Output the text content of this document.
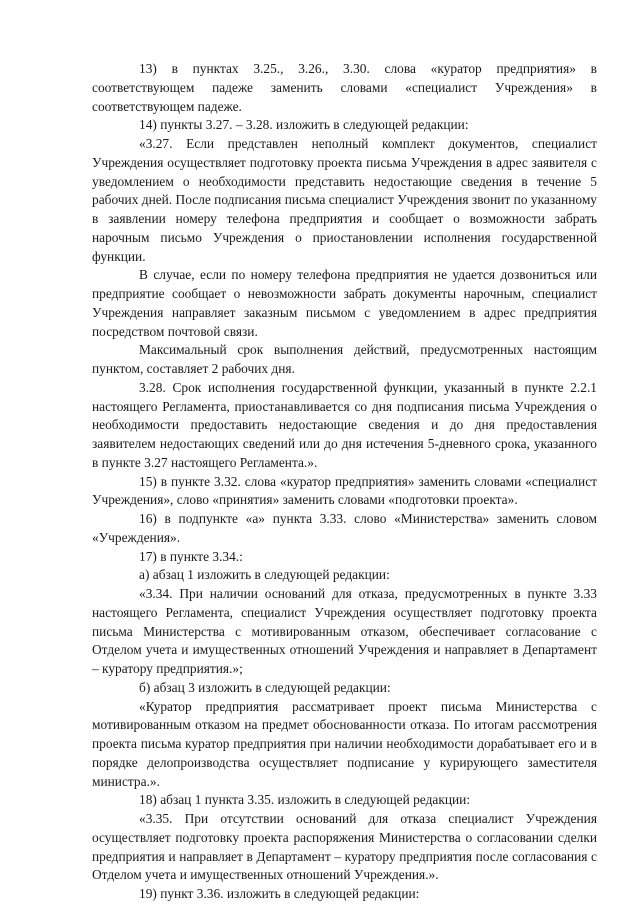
13) в пунктах 3.25., 3.26., 3.30. слова «куратор предприятия» в соответствующем падеже заменить словами «специалист Учреждения» в соответствующем падеже.

14) пункты 3.27. – 3.28. изложить в следующей редакции:

«3.27. Если представлен неполный комплект документов, специалист Учреждения осуществляет подготовку проекта письма Учреждения в адрес заявителя с уведомлением о необходимости представить недостающие сведения в течение 5 рабочих дней. После подписания письма специалист Учреждения звонит по указанному в заявлении номеру телефона предприятия и сообщает о возможности забрать нарочным письмо Учреждения о приостановлении исполнения государственной функции.

В случае, если по номеру телефона предприятия не удается дозвониться или предприятие сообщает о невозможности забрать документы нарочным, специалист Учреждения направляет заказным письмом с уведомлением в адрес предприятия посредством почтовой связи.

Максимальный срок выполнения действий, предусмотренных настоящим пунктом, составляет 2 рабочих дня.

3.28. Срок исполнения государственной функции, указанный в пункте 2.2.1 настоящего Регламента, приостанавливается со дня подписания письма Учреждения о необходимости предоставить недостающие сведения и до дня предоставления заявителем недостающих сведений или до дня истечения 5-дневного срока, указанного в пункте 3.27 настоящего Регламента.».

15) в пункте 3.32. слова «куратор предприятия» заменить словами «специалист Учреждения», слово «принятия» заменить словами «подготовки проекта».

16) в подпункте «а» пункта 3.33. слово «Министерства» заменить словом «Учреждения».

17) в пункте 3.34.:

а) абзац 1 изложить в следующей редакции:

«3.34. При наличии оснований для отказа, предусмотренных в пункте 3.33 настоящего Регламента, специалист Учреждения осуществляет подготовку проекта письма Министерства с мотивированным отказом, обеспечивает согласование с Отделом учета и имущественных отношений Учреждения и направляет в Департамент – куратору предприятия.»;

б) абзац 3 изложить в следующей редакции:

«Куратор предприятия рассматривает проект письма Министерства с мотивированным отказом на предмет обоснованности отказа. По итогам рассмотрения проекта письма куратор предприятия при наличии необходимости дорабатывает его и в порядке делопроизводства осуществляет подписание у курирующего заместителя министра.».

18) абзац 1 пункта 3.35. изложить в следующей редакции:

«3.35. При отсутствии оснований для отказа специалист Учреждения осуществляет подготовку проекта распоряжения Министерства о согласовании сделки предприятия и направляет в Департамент – куратору предприятия после согласования с Отделом учета и имущественных отношений Учреждения.».

19) пункт 3.36. изложить в следующей редакции:
